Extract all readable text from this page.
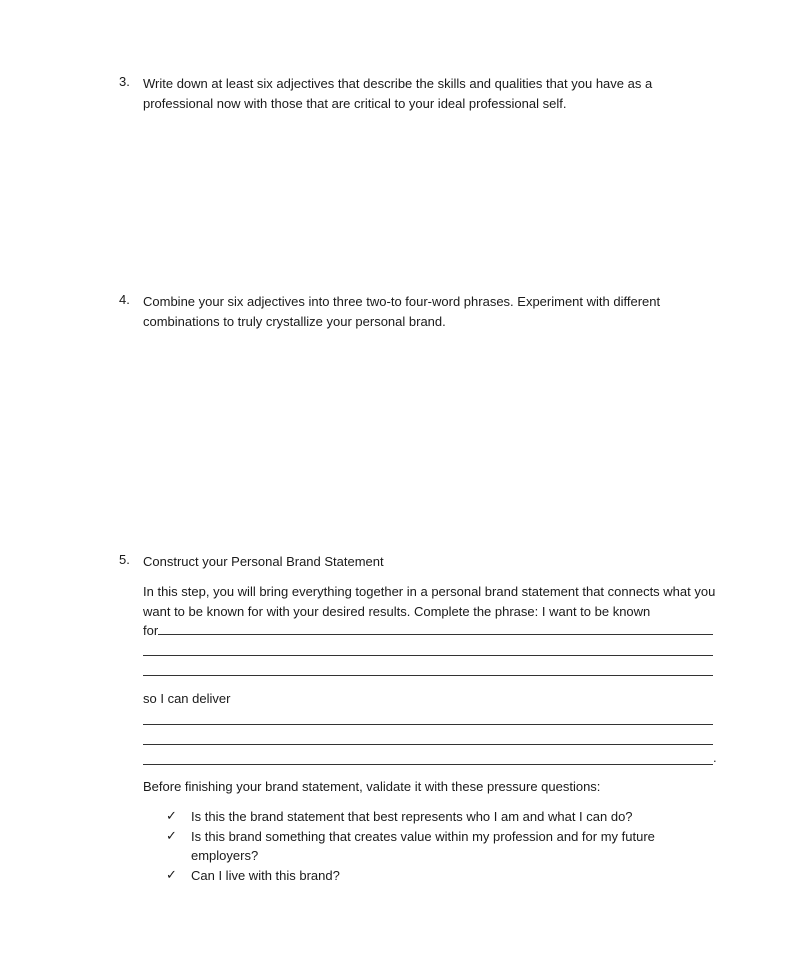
3.	Write down at least six adjectives that describe the skills and qualities that you have as a professional now with those that are critical to your ideal professional self.
4.	Combine your six adjectives into three two-to four-word phrases. Experiment with different combinations to truly crystallize your personal brand.
5.	Construct your Personal Brand Statement
In this step, you will bring everything together in a personal brand statement that connects what you want to be known for with your desired results. Complete the phrase: I want to be known
for
so I can deliver
.
Before finishing your brand statement, validate it with these pressure questions:
✓ Is this the brand statement that best represents who I am and what I can do?
✓ Is this brand something that creates value within my profession and for my future employers?
✓ Can I live with this brand?
